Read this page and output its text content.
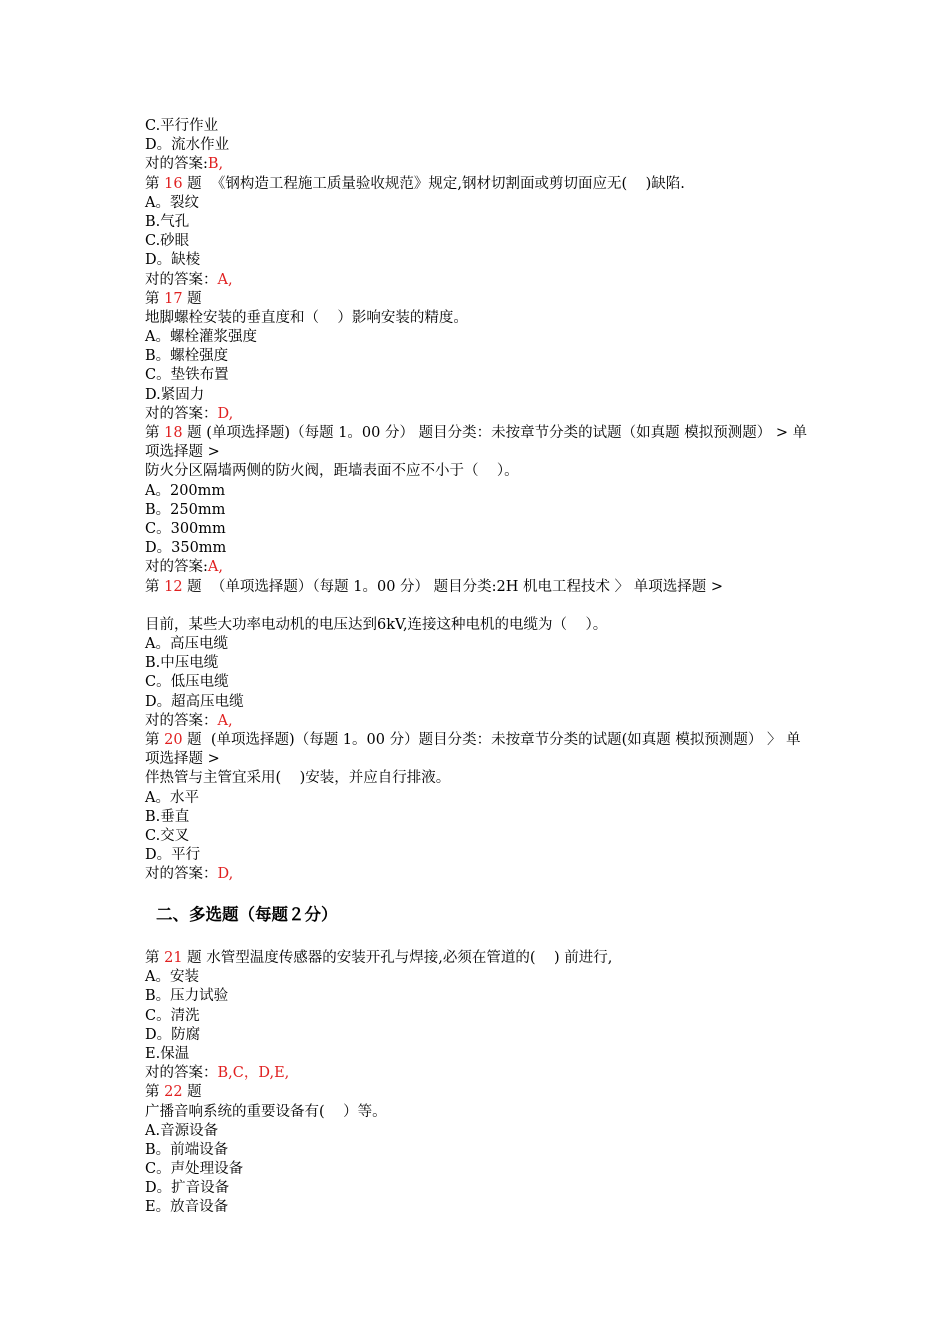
C.平行作业
D。流水作业
对的答案:B,
第 16 题  《钢构造工程施工质量验收规范》规定,钢材切割面或剪切面应无(    )缺陷.
A。裂纹
B.气孔
C.砂眼
D。缺棱
对的答案：A,
第 17 题
地脚螺栓安装的垂直度和（    ）影响安装的精度。
A。螺栓灌浆强度
B。螺栓强度
C。垫铁布置
D.紧固力
对的答案：D,
第 18 题 (单项选择题)（每题 1。00 分） 题目分类：未按章节分类的试题（如真题 模拟预测题） > 单项选择题 >
防火分区隔墙两侧的防火阀，距墙表面不应不小于（    ）。
A。200mm
B。250mm
C。300mm
D。350mm
对的答案:A,
第 12 题  （单项选择题）（每题 1。00 分） 题目分类:2H 机电工程技术 〉 单项选择题 >
目前，某些大功率电动机的电压达到6kV,连接这种电机的电缆为（    ）。
A。高压电缆
B.中压电缆
C。低压电缆
D。超高压电缆
对的答案：A,
第 20 题  (单项选择题)（每题 1。00 分）题目分类：未按章节分类的试题(如真题 模拟预测题） 〉 单项选择题 >
伴热管与主管宜采用(    )安装，并应自行排液。
A。水平
B.垂直
C.交叉
D。平行
对的答案：D,
二、多选题（每题２分）
第 21 题 水管型温度传感器的安装开孔与焊接,必须在管道的(    ) 前进行,
A。安装
B。压力试验
C。清洗
D。防腐
E.保温
对的答案：B,C，D,E,
第 22 题
广播音响系统的重要设备有(    ）等。
A.音源设备
B。前端设备
C。声处理设备
D。扩音设备
E。放音设备
